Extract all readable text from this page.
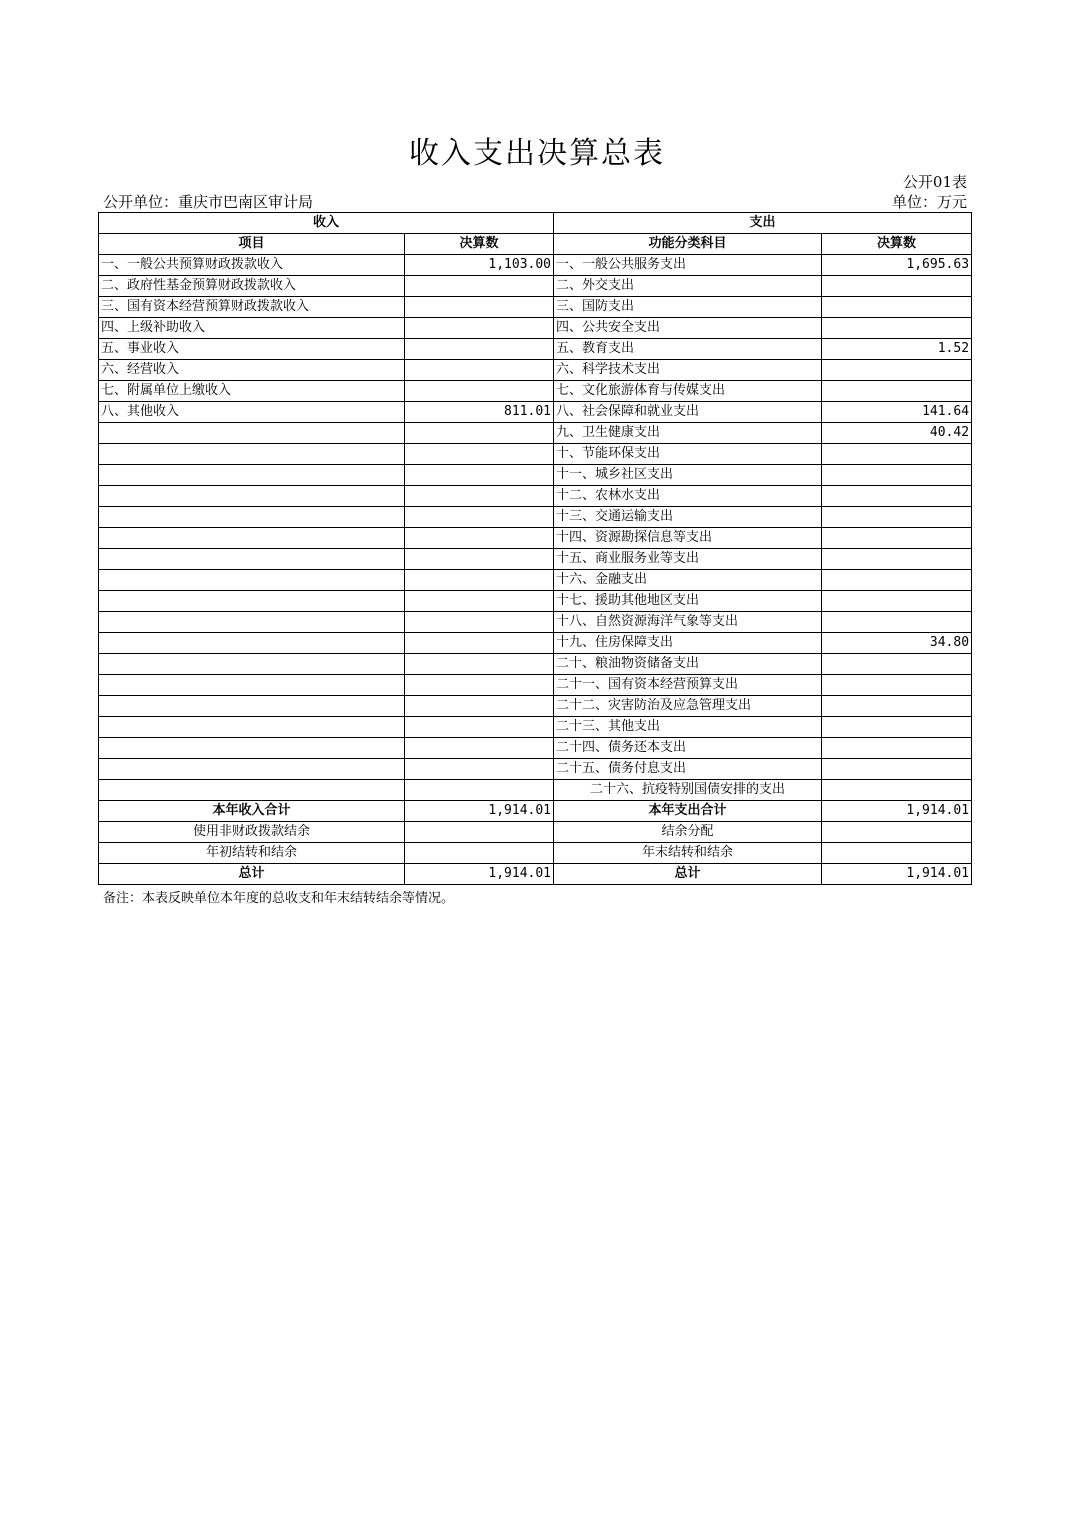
收入支出决算总表
公开01表
公开单位：重庆市巴南区审计局	单位：万元
收入		支出	
项目	决算数	功能分类科目	决算数
一、一般公共预算财政拨款收入	1,103.00	一、一般公共服务支出	1,695.63
二、政府性基金预算财政拨款收入		二、外交支出	
三、国有资本经营预算财政拨款收入		三、国防支出	
四、上级补助收入		四、公共安全支出	
五、事业收入		五、教育支出	1.52
六、经营收入		六、科学技术支出	
七、附属单位上缴收入		七、文化旅游体育与传媒支出	
八、其他收入	811.01	八、社会保障和就业支出	141.64
		九、卫生健康支出	40.42
		十、节能环保支出	
		十一、城乡社区支出	
		十二、农林水支出	
		十三、交通运输支出	
		十四、资源勘探信息等支出	
		十五、商业服务业等支出	
		十六、金融支出	
		十七、援助其他地区支出	
		十八、自然资源海洋气象等支出	
		十九、住房保障支出	34.80
		二十、粮油物资储备支出	
		二十一、国有资本经营预算支出	
		二十二、灾害防治及应急管理支出	
		二十三、其他支出	
		二十四、债务还本支出	
		二十五、债务付息支出	
		二十六、抗疫特别国债安排的支出	
本年收入合计	1,914.01	本年支出合计	1,914.01
使用非财政拨款结余		结余分配	
年初结转和结余		年末结转和结余	
总计	1,914.01	总计	1,914.01
备注：本表反映单位本年度的总收支和年末结转结余等情况。
